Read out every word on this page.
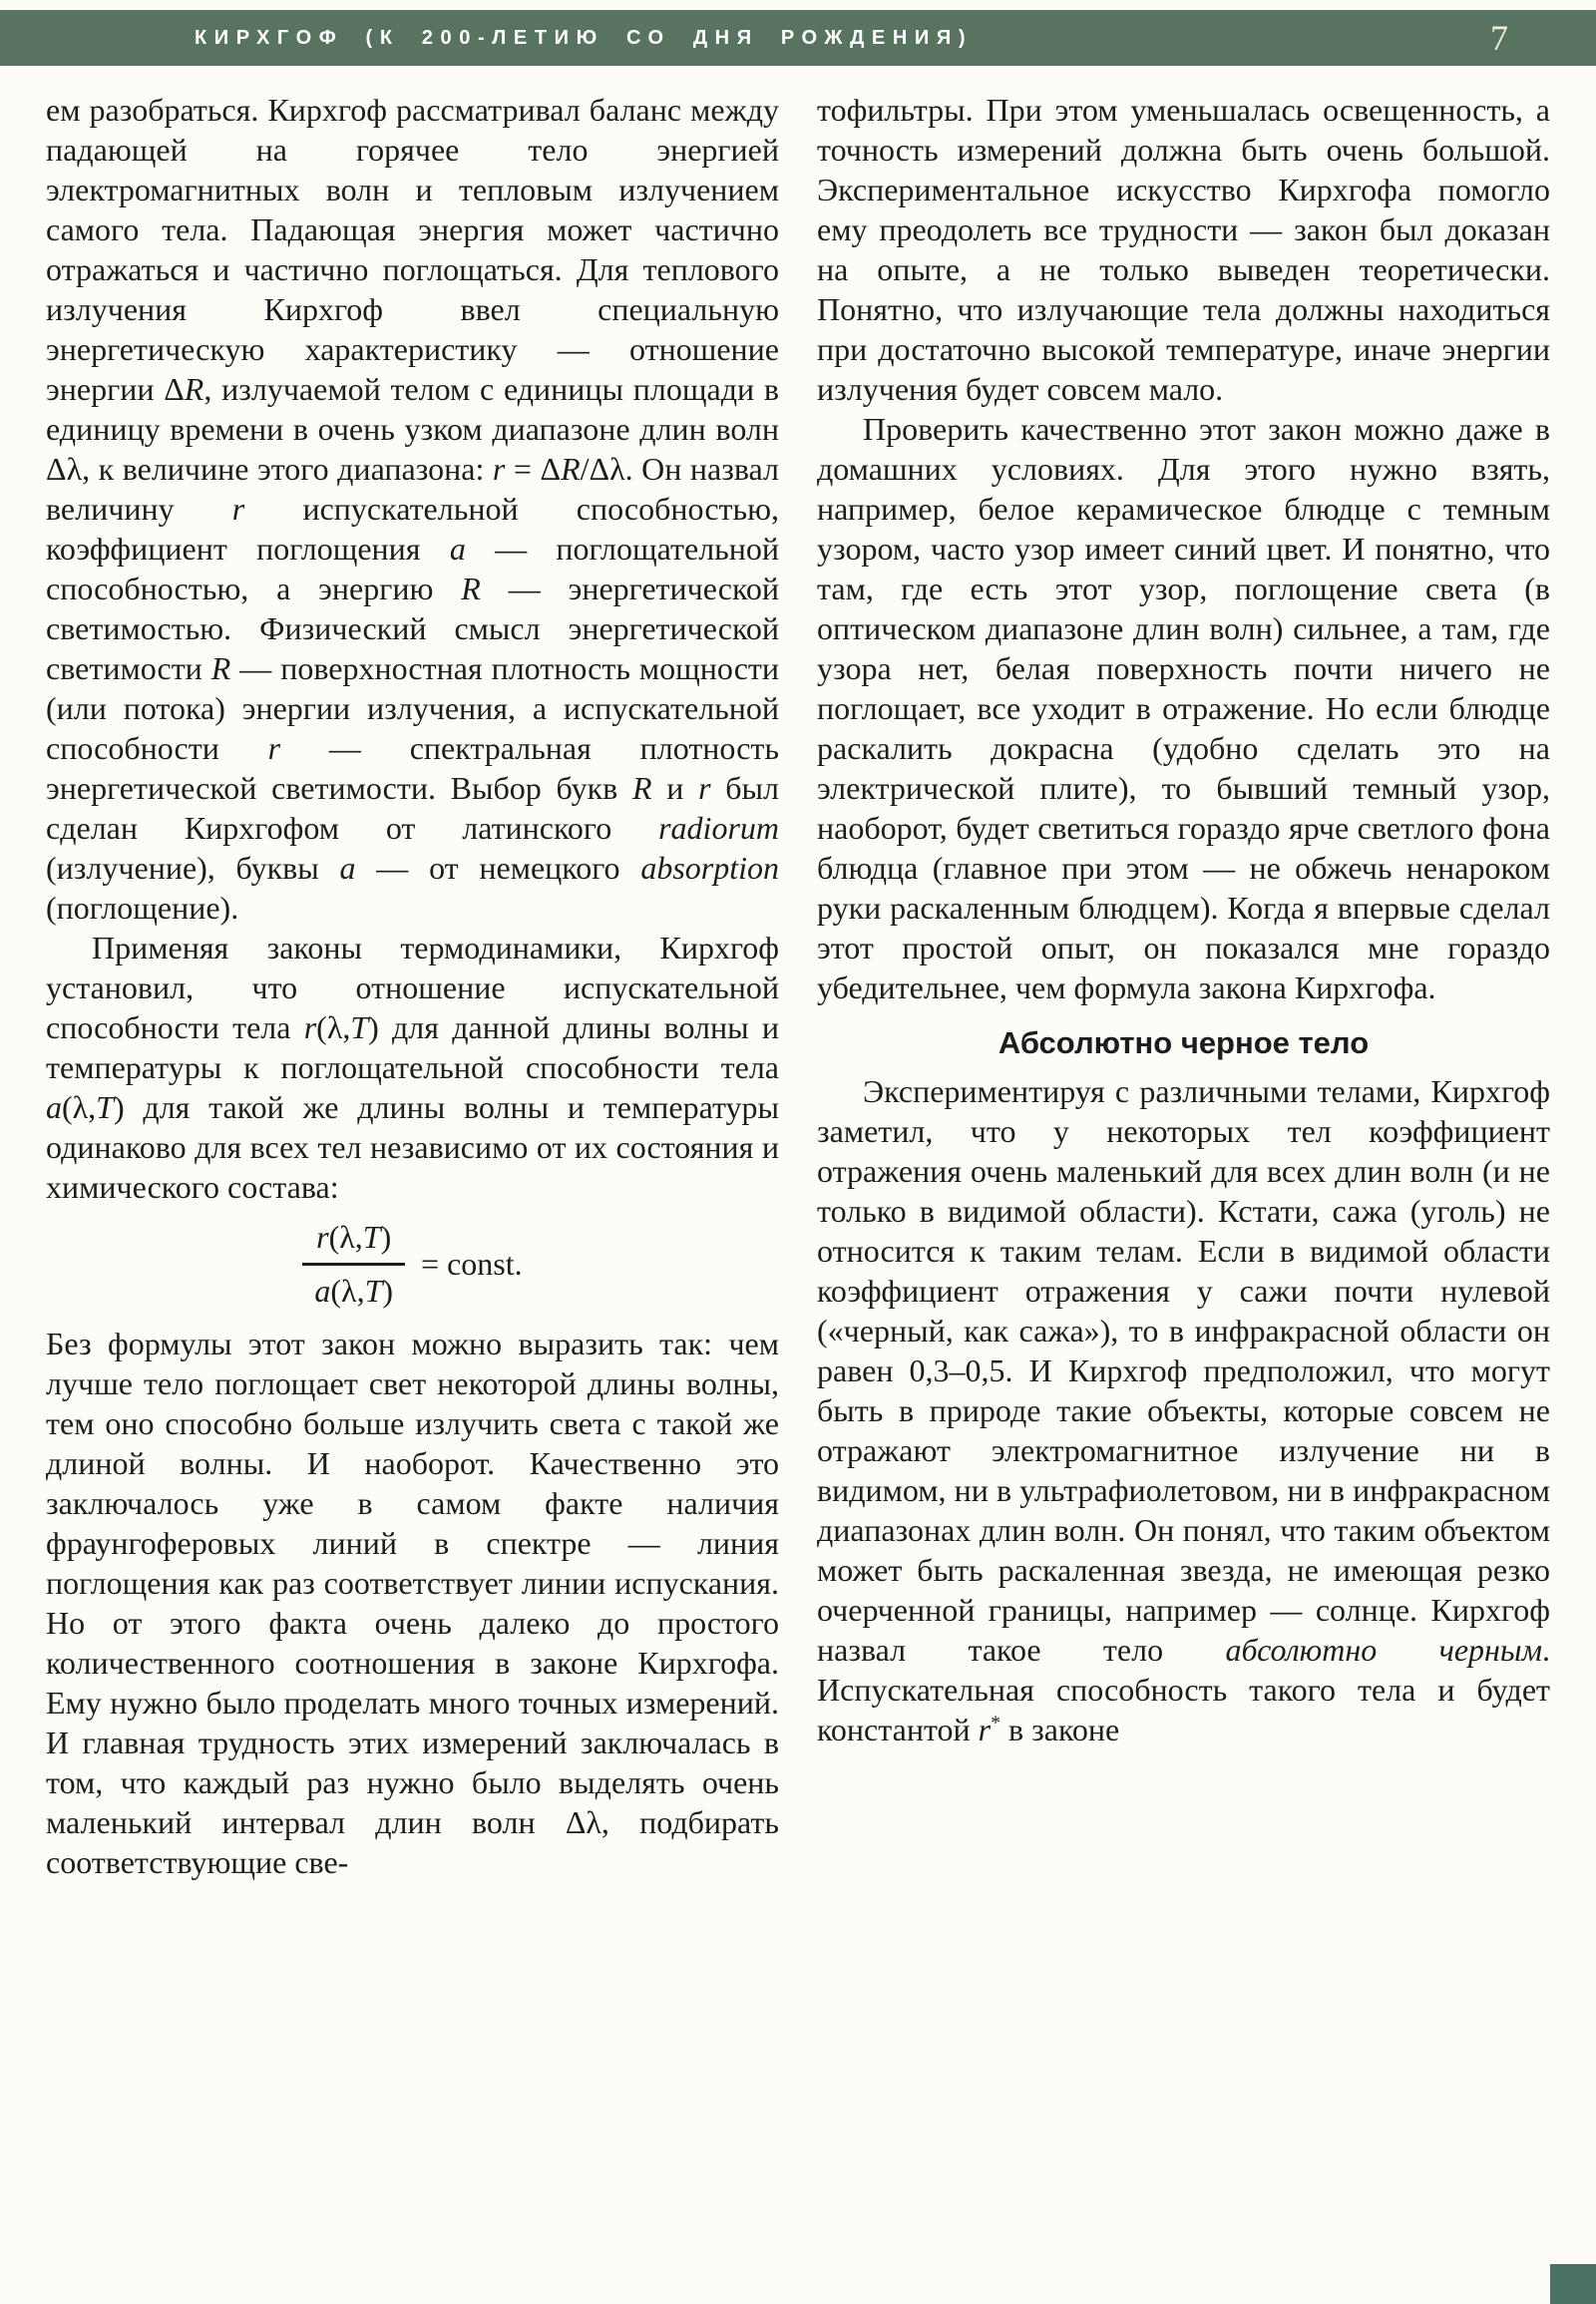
КИРХГОФ (К 200-ЛЕТИЮ СО ДНЯ РОЖДЕНИЯ)	7

ем разобраться. Кирхгоф рассматривал баланс между падающей на горячее тело энергией электромагнитных волн и тепловым излучением самого тела. Падающая энергия может частично отражаться и частично поглощаться. Для теплового излучения Кирхгоф ввел специальную энергетическую характеристику — отношение энергии ΔR, излучаемой телом с единицы площади в единицу времени в очень узком диапазоне длин волн Δλ, к величине этого диапазона: r = ΔR/Δλ. Он назвал величину r испускательной способностью, коэффициент поглощения a — поглощательной способностью, а энергию R — энергетической светимостью. Физический смысл энергетической светимости R — поверхностная плотность мощности (или потока) энергии излучения, а испускательной способности r — спектральная плотность энергетической светимости. Выбор букв R и r был сделан Кирхгофом от латинского radiorum (излучение), буквы a — от немецкого absorption (поглощение).

Применяя законы термодинамики, Кирхгоф установил, что отношение испускательной способности тела r(λ,T) для данной длины волны и температуры к поглощательной способности тела a(λ,T) для такой же длины волны и температуры одинаково для всех тел независимо от их состояния и химического состава:

$\frac{r(\lambda,T)}{a(\lambda,T)}$ = const.

Без формулы этот закон можно выразить так: чем лучше тело поглощает свет некоторой длины волны, тем оно способно больше излучить света с такой же длиной волны. И наоборот. Качественно это заключалось уже в самом факте наличия фраунгоферовых линий в спектре — линия поглощения как раз соответствует линии испускания. Но от этого факта очень далеко до простого количественного соотношения в законе Кирхгофа. Ему нужно было проделать много точных измерений. И главная трудность этих измерений заключалась в том, что каждый раз нужно было выделять очень маленький интервал длин волн Δλ, подбирать соответствующие све-

тофильтры. При этом уменьшалась освещенность, а точность измерений должна быть очень большой. Экспериментальное искусство Кирхгофа помогло ему преодолеть все трудности — закон был доказан на опыте, а не только выведен теоретически. Понятно, что излучающие тела должны находиться при достаточно высокой температуре, иначе энергии излучения будет совсем мало.

Проверить качественно этот закон можно даже в домашних условиях. Для этого нужно взять, например, белое керамическое блюдце с темным узором, часто узор имеет синий цвет. И понятно, что там, где есть этот узор, поглощение света (в оптическом диапазоне длин волн) сильнее, а там, где узора нет, белая поверхность почти ничего не поглощает, все уходит в отражение. Но если блюдце раскалить докрасна (удобно сделать это на электрической плите), то бывший темный узор, наоборот, будет светиться гораздо ярче светлого фона блюдца (главное при этом — не обжечь ненароком руки раскаленным блюдцем). Когда я впервые сделал этот простой опыт, он показался мне гораздо убедительнее, чем формула закона Кирхгофа.

Абсолютно черное тело

Экспериментируя с различными телами, Кирхгоф заметил, что у некоторых тел коэффициент отражения очень маленький для всех длин волн (и не только в видимой области). Кстати, сажа (уголь) не относится к таким телам. Если в видимой области коэффициент отражения у сажи почти нулевой («черный, как сажа»), то в инфракрасной области он равен 0,3–0,5. И Кирхгоф предположил, что могут быть в природе такие объекты, которые совсем не отражают электромагнитное излучение ни в видимом, ни в ультрафиолетовом, ни в инфракрасном диапазонах длин волн. Он понял, что таким объектом может быть раскаленная звезда, не имеющая резко очерченной границы, например — солнце. Кирхгоф назвал такое тело абсолютно черным. Испускательная способность такого тела и будет константой r* в законе
